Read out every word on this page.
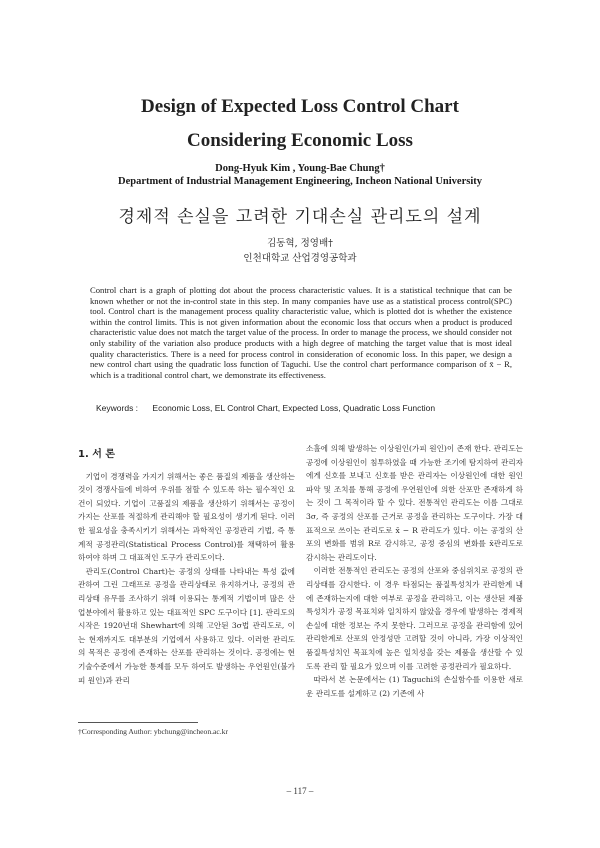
Design of Expected Loss Control Chart
Considering Economic Loss
Dong-Hyuk Kim , Young-Bae Chung†
Department of Industrial Management Engineering, Incheon National University
경제적 손실을 고려한 기대손실 관리도의 설계
김동혁, 정영배†
인천대학교 산업경영공학과
Control chart is a graph of plotting dot about the process characteristic values. It is a statistical technique that can be known whether or not the in-control state in this step. In many companies have use as a statistical process control(SPC) tool. Control chart is the management process quality characteristic value, which is plotted dot is whether the existence within the control limits. This is not given information about the economic loss that occurs when a product is produced characteristic value does not match the target value of the process. In order to manage the process, we should consider not only stability of the variation also produce products with a high degree of matching the target value that is most ideal quality characteristics. There is a need for process control in consideration of economic loss. In this paper, we design a new control chart using the quadratic loss function of Taguchi. Use the control chart performance comparison of x̄ − R, which is a traditional control chart, we demonstrate its effectiveness.
Keywords : Economic Loss, EL Control Chart, Expected Loss, Quadratic Loss Function
1. 서 론

기업이 경쟁력을 가지기 위해서는 좋은 품질의 제품을 생산하는 것이 경쟁사들에 비하여 우위를 점할 수 있도록 하는 필수적인 요건이 되었다. 기업이 고품질의 제품을 생산하기 위해서는 공정이 가지는 산포를 적절하게 관리해야 할 필요성이 생기게 된다. 이러한 필요성을 충족시키기 위해서는 과학적인 공정관리 기법, 즉 통계적 공정관리(Statistical Process Control)를 채택하여 활용하여야 하며 그 대표적인 도구가 관리도이다.

관리도(Control Chart)는 공정의 상태를 나타내는 특성 값에 관하여 그린 그래프로 공정을 관리상태로 유지하거나, 공정의 관리상태 유무를 조사하기 위해 이용되는 통계적 기법이며 많은 산업분야에서 활용하고 있는 대표적인 SPC 도구이다 [1]. 관리도의 시작은 1920년대 Shewhart에 의해 고안된 3σ법 관리도로, 이는 현재까지도 대부분의 기업에서 사용하고 있다. 이러한 관리도의 목적은 공정에 존재하는 산포를 관리하는 것이다. 공정에는 현 기술수준에서 가능한 통제를 모두 하여도 발생하는 우연원인(불가피 원인)과 관리

소홀에 의해 발생하는 이상원인(가피 원인)이 존재 한다. 관리도는 공정에 이상원인이 침투하였을 때 가능한 조기에 탐지하여 관리자에게 신호를 보내고 신호를 받은 관리자는 이상원인에 대한 원인 파악 및 조치를 통해 공정에 우연원인에 의한 산포만 존재하게 하는 것이 그 목적이라 할 수 있다. 전통적인 관리도는 이름 그대로 3σ, 즉 공정의 산포를 근거로 공정을 관리하는 도구이다. 가장 대표적으로 쓰이는 관리도로 x̄ − R 관리도가 있다. 이는 공정의 산포의 변화를 범위 R로 감시하고, 공정 중심의 변화를 x̄관리도로 감시하는 관리도이다.

이러한 전통적인 관리도는 공정의 산포와 중심위치로 공정의 관리상태를 감시한다. 이 경우 타점되는 품질특성치가 관리한계 내에 존재하는지에 대한 여부로 공정을 관리하고, 이는 생산된 제품 특성치가 공정 목표치와 일치하지 않았을 경우에 발생하는 경제적 손실에 대한 정보는 주지 못한다. 그러므로 공정을 관리함에 있어 관리한계로 산포의 안정성만 고려할 것이 아니라, 가장 이상적인 품질특성치인 목표치에 높은 일치성을 갖는 제품을 생산할 수 있도록 관리 할 필요가 있으며 이를 고려한 공정관리가 필요하다.

따라서 본 논문에서는 (1) Taguchi의 손실함수를 이용한 새로운 관리도를 설계하고 (2) 기존에 사

†Corresponding Author: ybchung@incheon.ac.kr
– 117 –
